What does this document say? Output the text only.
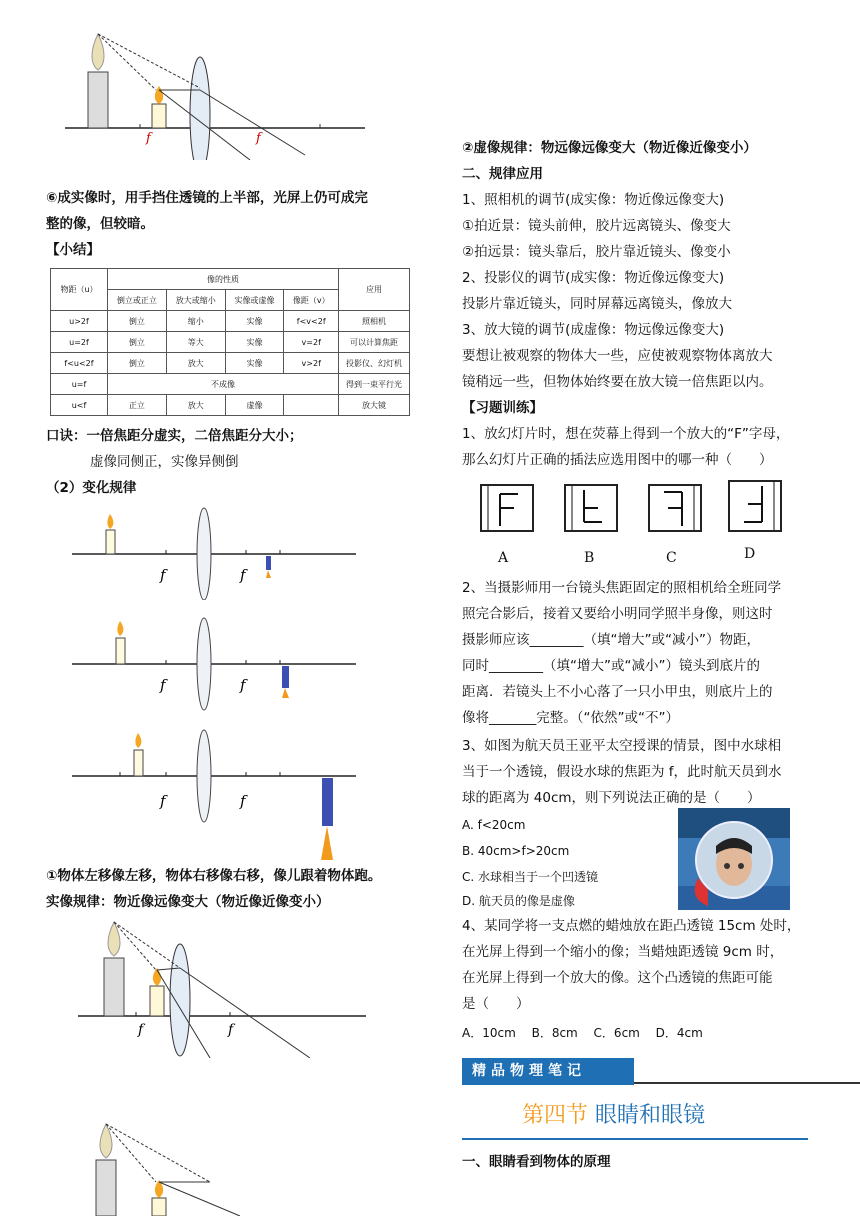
f	f
⑥成实像时，用手挡住透镜的上半部，光屏上仍可成完
整的像，但较暗。
【小结】
物距（u）	像的性质				应用
	倒立或正立	放大或缩小	实像或虚像	像距（v）	
u>2f	倒立	缩小	实像	f<v<2f	照相机
u=2f	倒立	等大	实像	v=2f	可以计算焦距
f<u<2f	倒立	放大	实像	v>2f	投影仪、幻灯机
u=f	不成像				得到一束平行光
u<f	正立	放大	虚像		放大镜
口诀：一倍焦距分虚实，二倍焦距分大小；
虚像同侧正，实像异侧倒
（2）变化规律
f	f
f	f
f	f
①物体左移像左移，物体右移像右移，像儿跟着物体跑。
实像规律：物近像远像变大（物近像近像变小）
f	f
②虚像规律：物远像远像变大（物近像近像变小）
二、规律应用
1、照相机的调节(成实像：物近像远像变大)
①拍近景：镜头前伸，胶片远离镜头、像变大
②拍远景：镜头靠后，胶片靠近镜头、像变小
2、投影仪的调节(成实像：物近像远像变大)
投影片靠近镜头，同时屏幕远离镜头，像放大
3、放大镜的调节(成虚像：物远像远像变大)
要想让被观察的物体大一些，应使被观察物体离放大
镜稍远一些，但物体始终要在放大镜一倍焦距以内。
【习题训练】
1、放幻灯片时，想在荧幕上得到一个放大的“F”字母，
那么幻灯片正确的插法应选用图中的哪一种（　　）
A	B	C	D
2、当摄影师用一台镜头焦距固定的照相机给全班同学
照完合影后，接着又要给小明同学照半身像，则这时
摄影师应该________（填“增大”或“减小”）物距，
同时________（填“增大”或“减小”）镜头到底片的
距离．若镜头上不小心落了一只小甲虫，则底片上的
像将_______完整。（“依然”或“不”）
3、如图为航天员王亚平太空授课的情景，图中水球相
当于一个透镜，假设水球的焦距为 f，此时航天员到水
球的距离为 40cm，则下列说法正确的是（　　）
A. f<20cm
B. 40cm>f>20cm
C. 水球相当于一个凹透镜
D. 航天员的像是虚像
4、某同学将一支点燃的蜡烛放在距凸透镜 15cm 处时，
在光屏上得到一个缩小的像；当蜡烛距透镜 9cm 时，
在光屏上得到一个放大的像。这个凸透镜的焦距可能
是（　　）
A．10cm　 B．8cm　 C．6cm　 D．4cm
精品物理笔记
第四节 眼睛和眼镜
一、眼睛看到物体的原理
